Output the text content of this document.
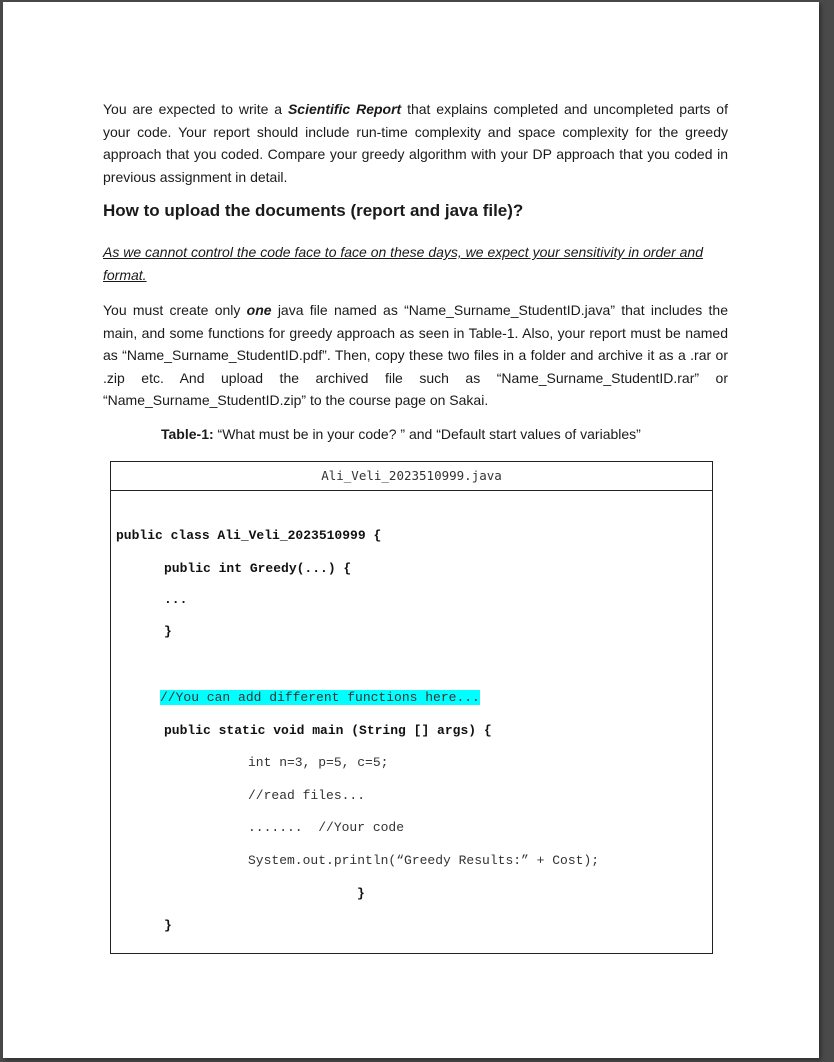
You are expected to write a Scientific Report that explains completed and uncompleted parts of your code. Your report should include run-time complexity and space complexity for the greedy approach that you coded. Compare your greedy algorithm with your DP approach that you coded in previous assignment in detail.
How to upload the documents (report and java file)?
As we cannot control the code face to face on these days, we expect your sensitivity in order and format.
You must create only one java file named as “Name_Surname_StudentID.java” that includes the main, and some functions for greedy approach as seen in Table-1. Also, your report must be named as “Name_Surname_StudentID.pdf”. Then, copy these two files in a folder and archive it as a .rar or .zip etc. And upload the archived file such as “Name_Surname_StudentID.rar” or “Name_Surname_StudentID.zip” to the course page on Sakai.
Table-1: “What must be in your code? ” and “Default start values of variables”
Ali_Veli_2023510999.java
public class Ali_Veli_2023510999 {
public int Greedy(...) {
...
}
//You can add different functions here...
public static void main (String [] args) {
int n=3, p=5, c=5;
//read files...
.......  //Your code
System.out.println(“Greedy Results:” + Cost);
}
}
